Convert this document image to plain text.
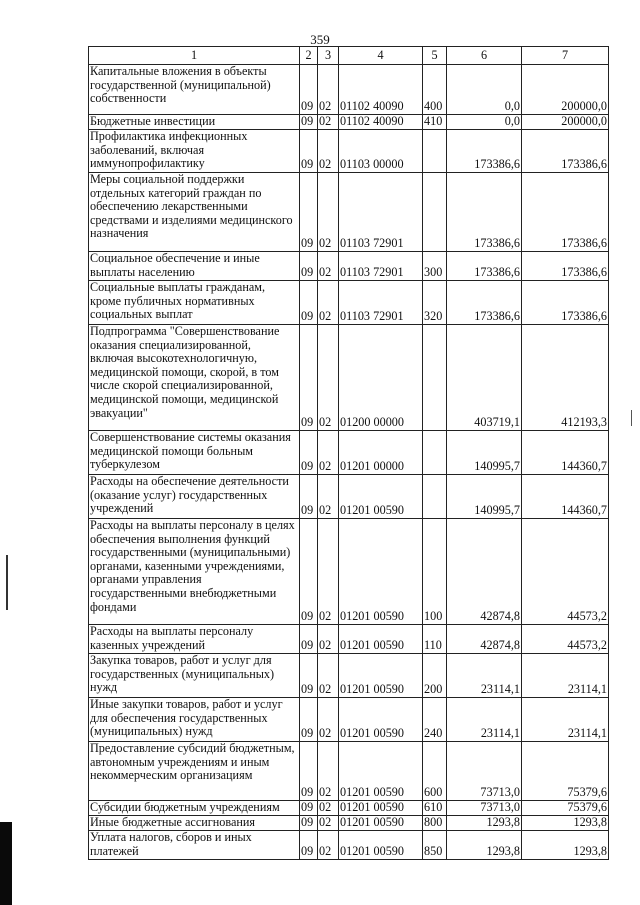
359
1	2	3	4	5	6	7
Капитальные вложения в объекты государственной (муниципальной) собственности	09	02	01102 40090	400	0,0	200000,0
Бюджетные инвестиции	09	02	01102 40090	410	0,0	200000,0
Профилактика инфекционных заболеваний, включая иммунопрофилактику	09	02	01103 00000		173386,6	173386,6
Меры социальной поддержки отдельных категорий граждан по обеспечению лекарственными средствами и изделиями медицинского назначения	09	02	01103 72901		173386,6	173386,6
Социальное обеспечение и иные выплаты населению	09	02	01103 72901	300	173386,6	173386,6
Социальные выплаты гражданам, кроме публичных нормативных социальных выплат	09	02	01103 72901	320	173386,6	173386,6
Подпрограмма "Совершенствование оказания специализированной, включая высокотехнологичную, медицинской помощи, скорой, в том числе скорой специализированной, медицинской помощи, медицинской эвакуации"	09	02	01200 00000		403719,1	412193,3
Совершенствование системы оказания медицинской помощи больным туберкулезом	09	02	01201 00000		140995,7	144360,7
Расходы на обеспечение деятельности (оказание услуг) государственных учреждений	09	02	01201 00590		140995,7	144360,7
Расходы на выплаты персоналу в целях обеспечения выполнения функций государственными (муниципальными) органами, казенными учреждениями, органами управления государственными внебюджетными фондами	09	02	01201 00590	100	42874,8	44573,2
Расходы на выплаты персоналу казенных учреждений	09	02	01201 00590	110	42874,8	44573,2
Закупка товаров, работ и услуг для государственных (муниципальных) нужд	09	02	01201 00590	200	23114,1	23114,1
Иные закупки товаров, работ и услуг для обеспечения государственных (муниципальных) нужд	09	02	01201 00590	240	23114,1	23114,1
Предоставление субсидий бюджетным, автономным учреждениям и иным некоммерческим организациям	09	02	01201 00590	600	73713,0	75379,6
Субсидии бюджетным учреждениям	09	02	01201 00590	610	73713,0	75379,6
Иные бюджетные ассигнования	09	02	01201 00590	800	1293,8	1293,8
Уплата налогов, сборов и иных платежей	09	02	01201 00590	850	1293,8	1293,8
